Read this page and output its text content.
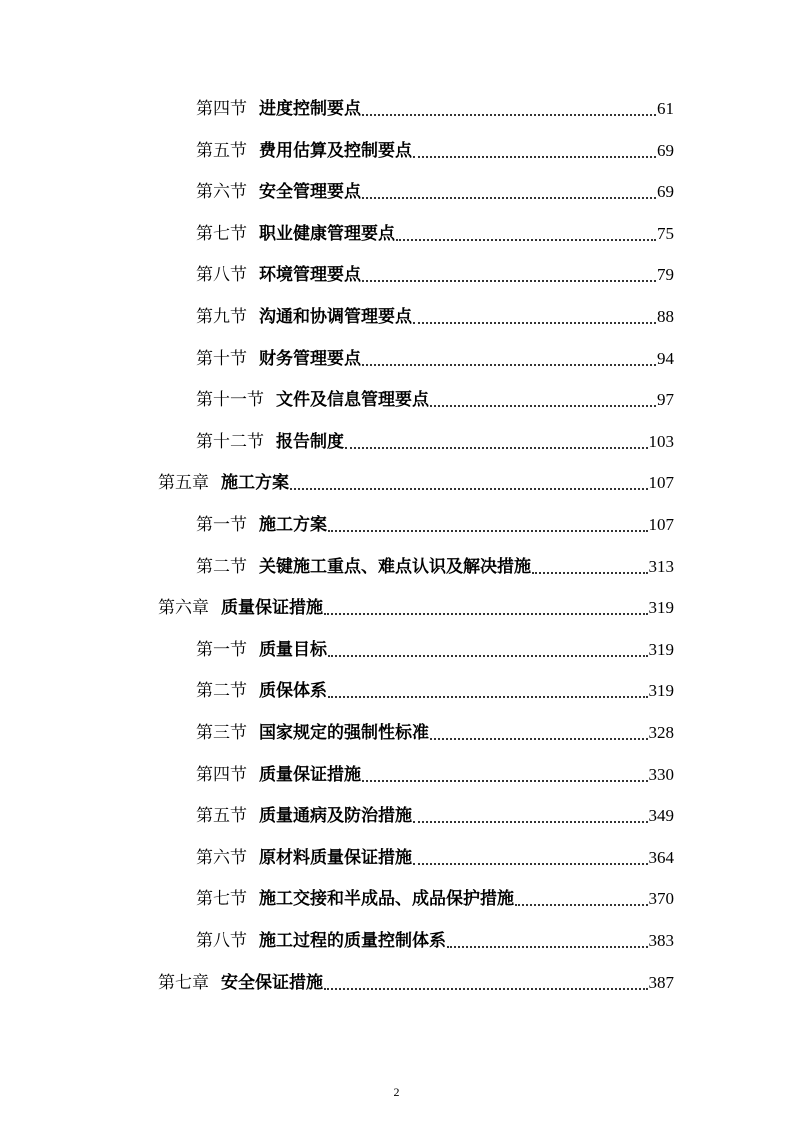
第四节 进度控制要点	61
第五节 费用估算及控制要点	69
第六节 安全管理要点	69
第七节 职业健康管理要点	75
第八节 环境管理要点	79
第九节 沟通和协调管理要点	88
第十节 财务管理要点	94
第十一节 文件及信息管理要点	97
第十二节 报告制度	103
第五章 施工方案	107
第一节 施工方案	107
第二节 关键施工重点、难点认识及解决措施	313
第六章 质量保证措施	319
第一节 质量目标	319
第二节 质保体系	319
第三节 国家规定的强制性标准	328
第四节 质量保证措施	330
第五节 质量通病及防治措施	349
第六节 原材料质量保证措施	364
第七节 施工交接和半成品、成品保护措施	370
第八节 施工过程的质量控制体系	383
第七章 安全保证措施	387
2
